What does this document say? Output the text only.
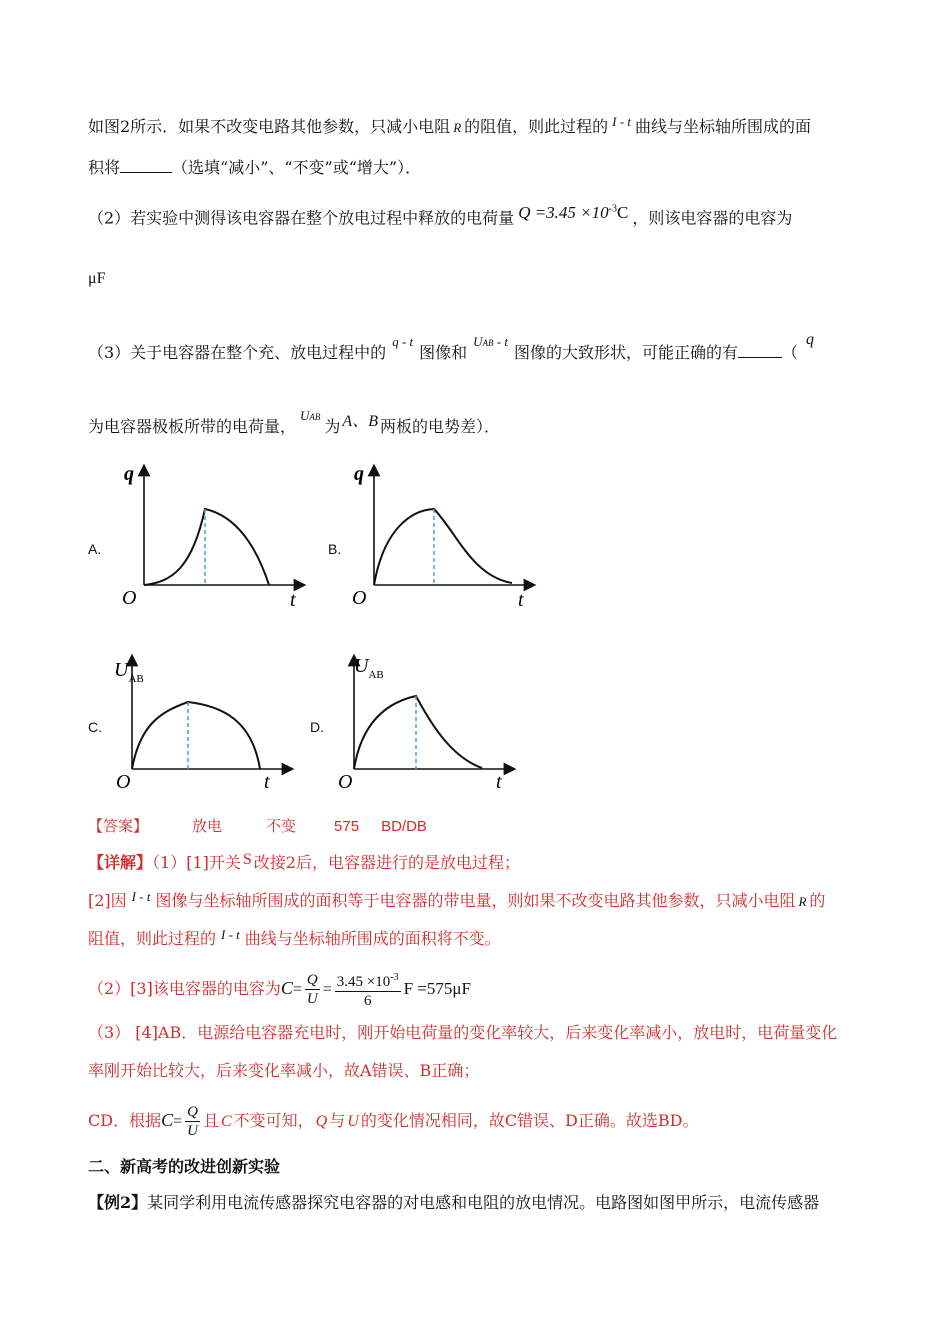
如图2所示．如果不改变电路其他参数，只减小电阻 R 的阻值，则此过程的 $^{I - t}$ 曲线与坐标轴所围成的面
积将	（选填“减小”、“不变”或“增大”）．
（2）若实验中测得该电容器在整个放电过程中释放的电荷量 $Q =3.45 \times 10^{-3}C$ ，则该电容器的电容为
μF
（3）关于电容器在整个充、放电过程中的$^{q - t}$图像和$^{UAB - t}$图像的大致形状，可能正确的有	（q
为电容器极板所带的电荷量，$^{UAB}$ 为 A、B 两板的电势差）．
A.	B.
C.	D.
q
O	t
q
O	t
$U_{AB}$
O	t
$U_{AB}$
O	t
【答案】	放电	不变	575 BD/DB
【详解】（1）[1]开关 S 改接2后，电容器进行的是放电过程；
[2]因 $^{I - t}$ 图像与坐标轴所围成的面积等于电容器的带电量，则如果不改变电路其他参数，只减小电阻 R 的
阻值，则此过程的 $^{I - t}$ 曲线与坐标轴所围成的面积将不变。
（2）[3]该电容器的电容为$C= \frac{Q}{U} = \frac{3.45 \times 10^{-3}}{6}$ F =575μF
（3） [4]AB．电源给电容器充电时，刚开始电荷量的变化率较大，后来变化率减小，放电时，电荷量变化
率刚开始比较大，后来变化率减小，故A错误、B正确；
CD．根据$C= \frac{Q}{U}$ 且 C 不变可知， Q 与 U 的变化情况相同，故C错误、D正确。故选BD。
二、新高考的改进创新实验
【例2】某同学利用电流传感器探究电容器的对电感和电阻的放电情况。电路图如图甲所示，电流传感器
